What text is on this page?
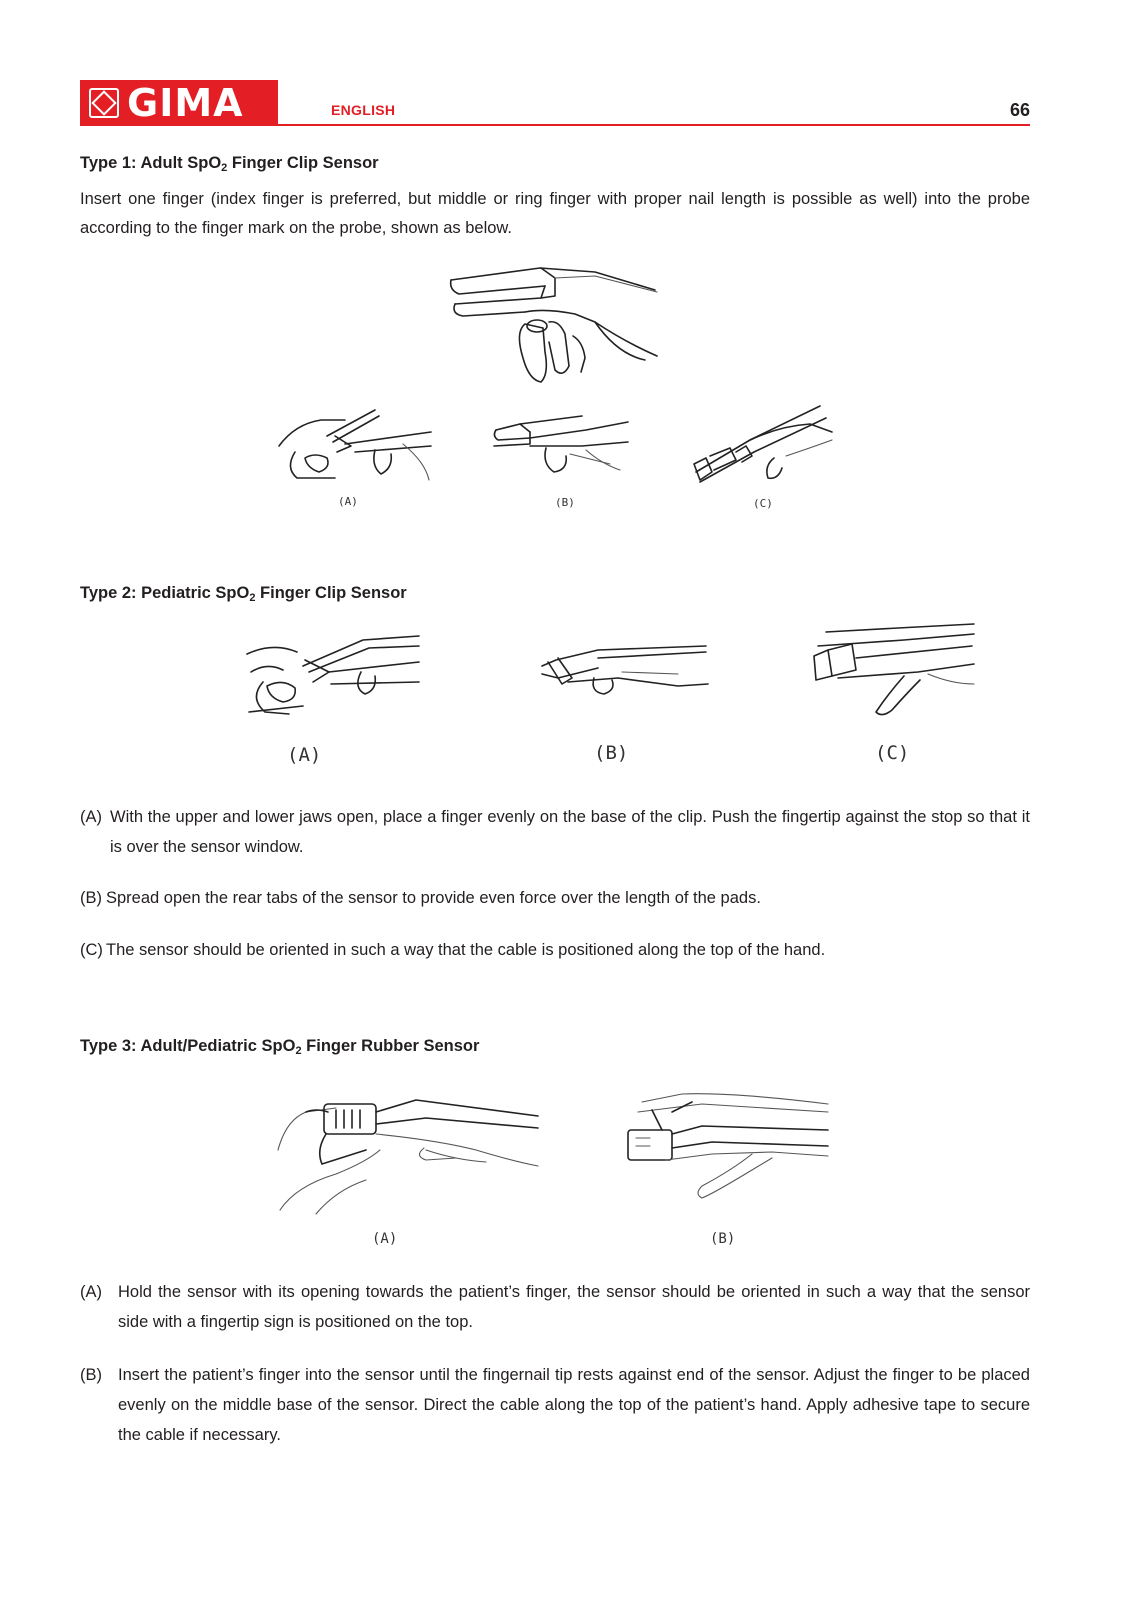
GIMA	ENGLISH	66
Type 1: Adult SpO$_2$ Finger Clip Sensor
Insert one finger (index finger is preferred, but middle or ring finger with proper nail length is possible as well) into the probe according to the finger mark on the probe, shown as below.
(A)	(B)	(C)
Type 2: Pediatric SpO$_2$ Finger Clip Sensor
(A)	(B)	(C)
(A) With the upper and lower jaws open, place a finger evenly on the base of the clip. Push the fingertip against the stop so that it is over the sensor window.
(B) Spread open the rear tabs of the sensor to provide even force over the length of the pads.
(C) The sensor should be oriented in such a way that the cable is positioned along the top of the hand.
Type 3: Adult/Pediatric SpO$_2$ Finger Rubber Sensor
(A)	(B)
(A) Hold the sensor with its opening towards the patient’s finger, the sensor should be oriented in such a way that the sensor side with a fingertip sign is positioned on the top.
(B) Insert the patient’s finger into the sensor until the fingernail tip rests against end of the sensor. Adjust the finger to be placed evenly on the middle base of the sensor. Direct the cable along the top of the patient’s hand. Apply adhesive tape to secure the cable if necessary.
